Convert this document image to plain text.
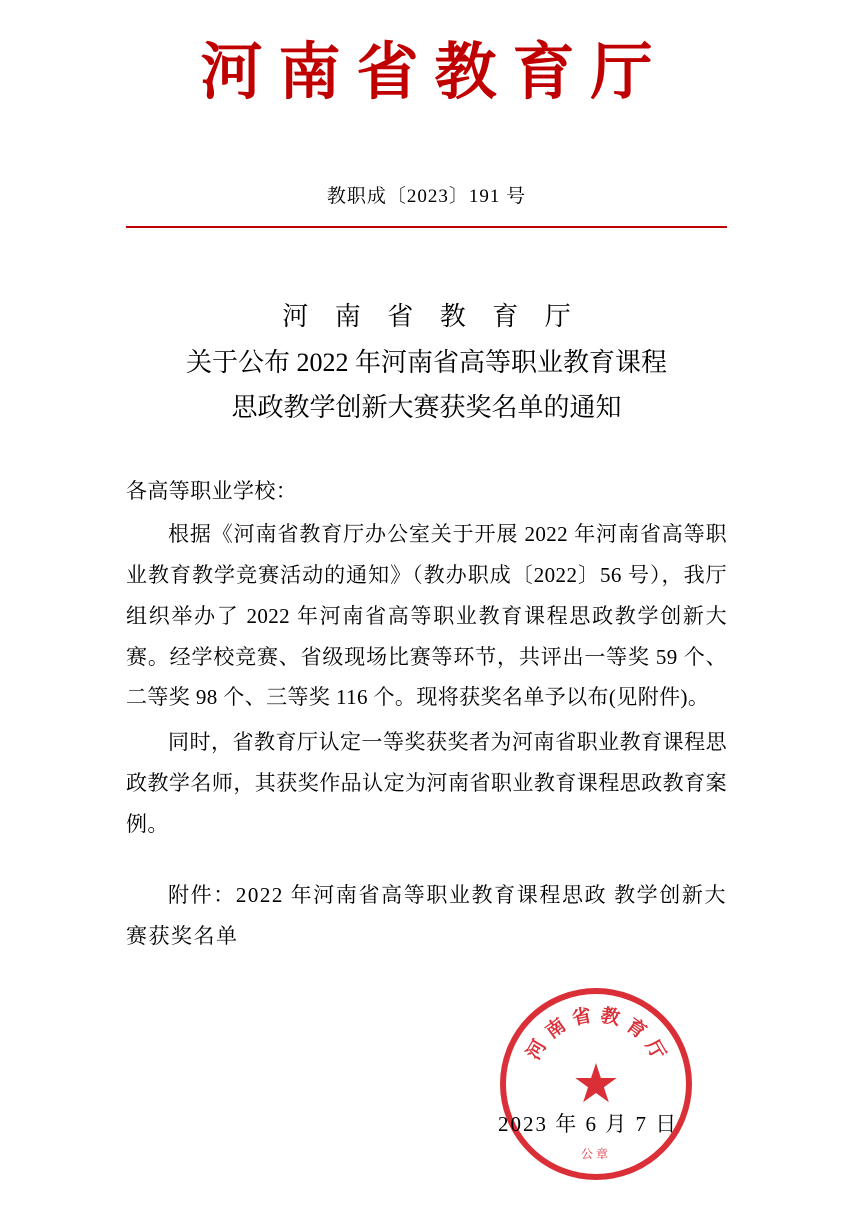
河南省教育厅
教职成〔2023〕191 号
河 南 省 教 育 厅
关于公布 2022 年河南省高等职业教育课程
思政教学创新大赛获奖名单的通知

各高等职业学校：

根据《河南省教育厅办公室关于开展 2022 年河南省高等职业教育教学竞赛活动的通知》（教办职成〔2022〕56 号），我厅组织举办了 2022 年河南省高等职业教育课程思政教学创新大赛。经学校竞赛、省级现场比赛等环节，共评出一等奖 59 个、二等奖 98 个、三等奖 116 个。现将获奖名单予以布(见附件)。

同时，省教育厅认定一等奖获奖者为河南省职业教育课程思政教学名师，其获奖作品认定为河南省职业教育课程思政教育案例。

附件：2022 年河南省高等职业教育课程思政 教学创新大赛获奖名单

河
南 省 教 育
厅
★
公章
2023 年 6 月 7 日
